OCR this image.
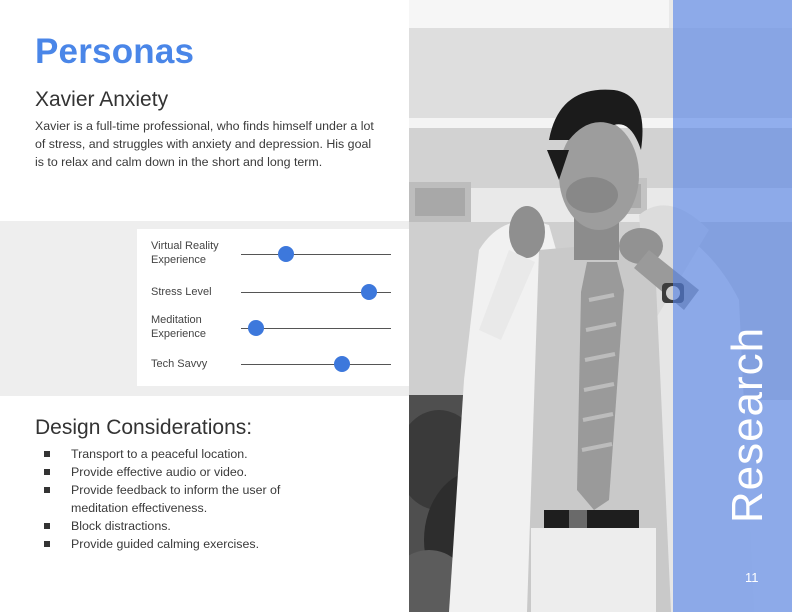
Personas
Xavier Anxiety
Xavier is a full-time professional, who finds himself under a lot of stress, and struggles with anxiety and depression. His goal is to relax and calm down in the short and long term.
Virtual Reality Experience
Stress Level
Meditation Experience
Tech Savvy
Design Considerations:
Transport to a peaceful location.
Provide effective audio or video.
Provide feedback to inform the user of meditation effectiveness.
Block distractions.
Provide guided calming exercises.
Research
11
